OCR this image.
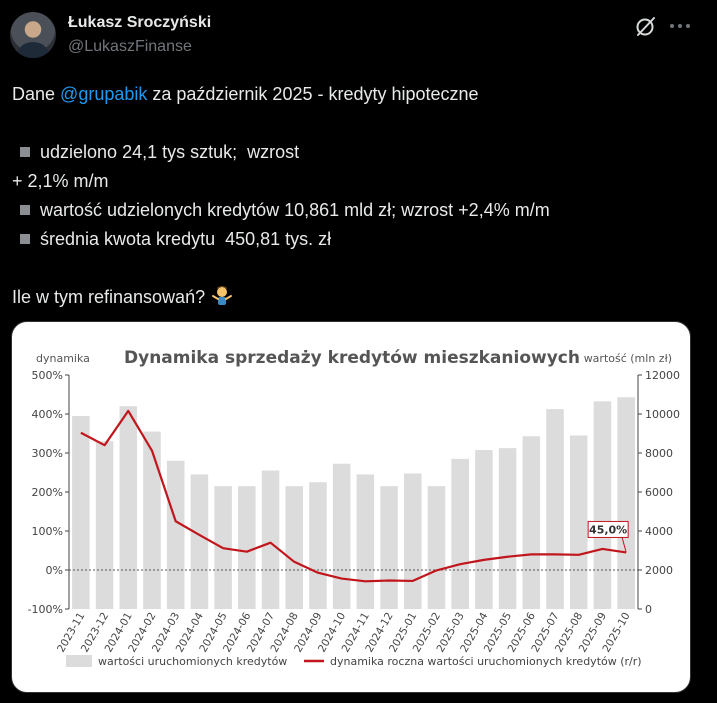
Łukasz Sroczyński
@LukaszFinanse
Dane @grupabik za październik 2025 - kredyty hipoteczne
udzielono 24,1 tys sztuk;  wzrost
+ 2,1% m/m
wartość udzielonych kredytów 10,861 mld zł; wzrost +2,4% m/m
średnia kwota kredytu  450,81 tys. zł
Ile w tym refinansowań?
Dynamika sprzedaży kredytów mieszkaniowych
dynamika	wartość (mln zł)
500%
400%
300%
200%
100%
0%
-100%
12000
10000
8000
6000
4000
2000
0
2023-11
2023-12
2024-01
2024-02
2024-03
2024-04
2024-05
2024-06
2024-07
2024-08
2024-09
2024-10
2024-11
2024-12
2025-01
2025-02
2025-03
2025-04
2025-05
2025-06
2025-07
2025-08
2025-09
2025-10
45,0%
wartości uruchomionych kredytów	dynamika roczna wartości uruchomionych kredytów (r/r)
